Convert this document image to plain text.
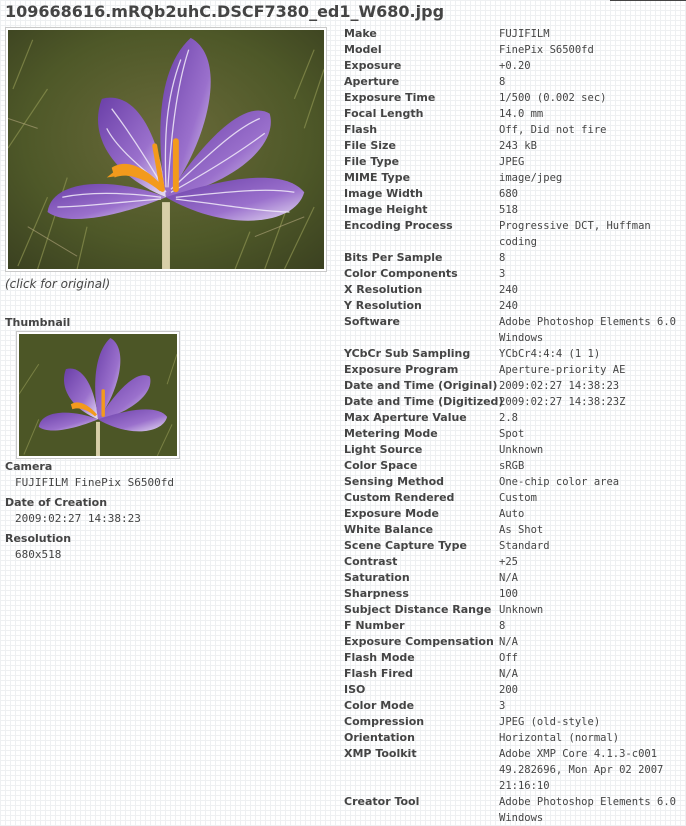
109668616.mRQb2uhC.DSCF7380_ed1_W680.jpg
(click for original)
Thumbnail
Camera
FUJIFILM FinePix S6500fd
Date of Creation
2009:02:27 14:38:23
Resolution
680x518
Make	FUJIFILM
Model	FinePix S6500fd
Exposure	+0.20
Aperture	8
Exposure Time	1/500 (0.002 sec)
Focal Length	14.0 mm
Flash	Off, Did not fire
File Size	243 kB
File Type	JPEG
MIME Type	image/jpeg
Image Width	680
Image Height	518
Encoding Process	Progressive DCT, Huffman coding
Bits Per Sample	8
Color Components	3
X Resolution	240
Y Resolution	240
Software	Adobe Photoshop Elements 6.0
Windows
YCbCr Sub Sampling	YCbCr4:4:4 (1 1)
Exposure Program	Aperture-priority AE
Date and Time (Original) 2009:02:27 14:38:23
Date and Time (Digitized)
2009:02:27 14:38:23Z
Max Aperture Value	2.8
Metering Mode	Spot
Light Source	Unknown
Color Space	sRGB
Sensing Method	One-chip color area
Custom Rendered	Custom
Exposure Mode	Auto
White Balance	As Shot
Scene Capture Type	Standard
Contrast	+25
Saturation	N/A
Sharpness	100
Subject Distance Range Unknown
F Number	8
Exposure Compensation N/A
Flash Mode	Off
Flash Fired	N/A
ISO	200
Color Mode	3
Compression	JPEG (old-style)
Orientation	Horizontal (normal)
XMP Toolkit	Adobe XMP Core 4.1.3-c001
49.282696, Mon Apr 02 2007
21:16:10
Creator Tool	Adobe Photoshop Elements 6.0
Windows
